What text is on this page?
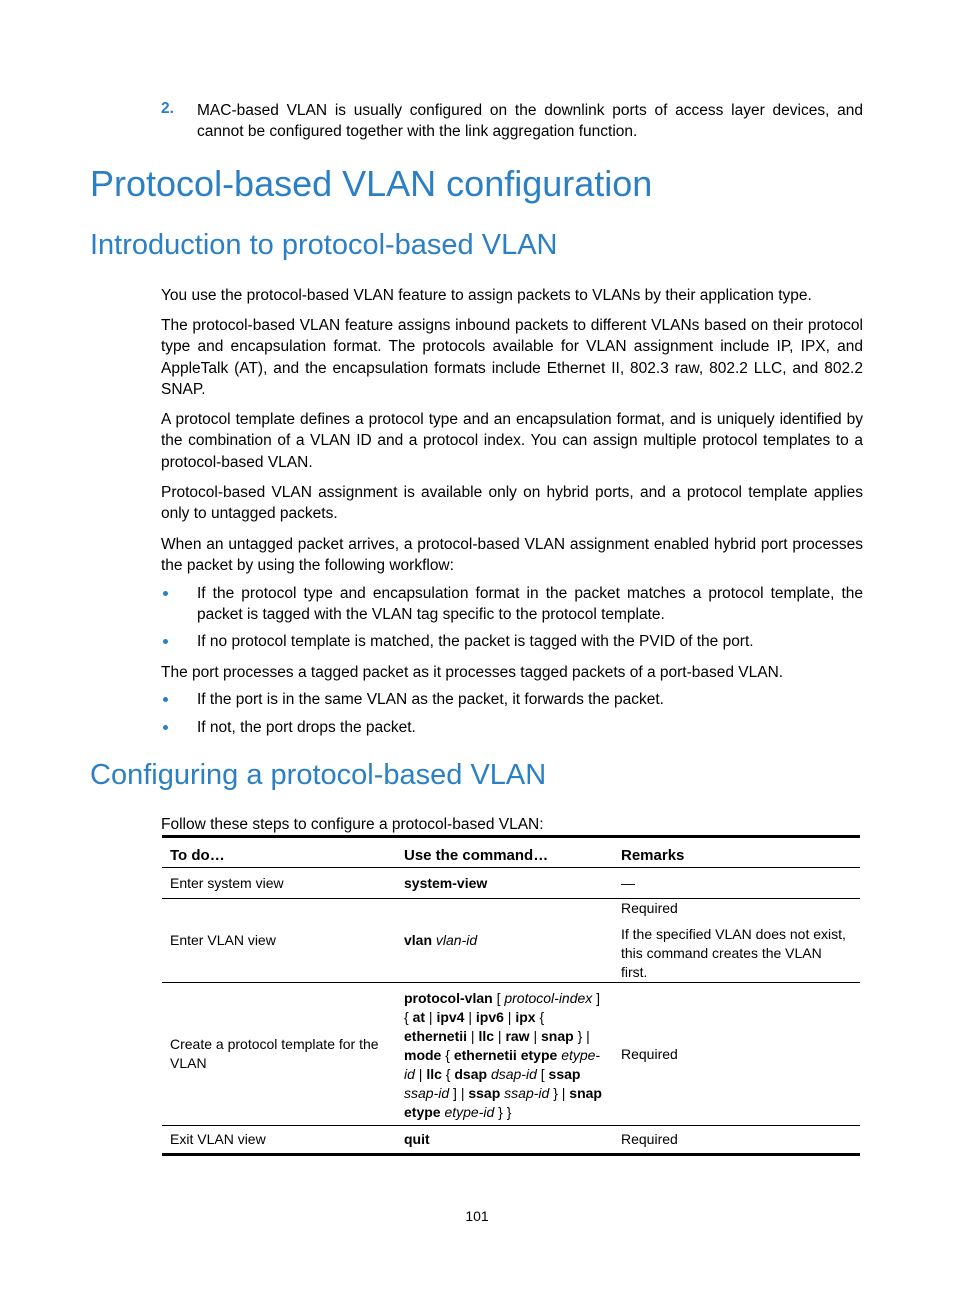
2. MAC-based VLAN is usually configured on the downlink ports of access layer devices, and cannot be configured together with the link aggregation function.

Protocol-based VLAN configuration
Introduction to protocol-based VLAN

You use the protocol-based VLAN feature to assign packets to VLANs by their application type.

The protocol-based VLAN feature assigns inbound packets to different VLANs based on their protocol type and encapsulation format. The protocols available for VLAN assignment include IP, IPX, and AppleTalk (AT), and the encapsulation formats include Ethernet II, 802.3 raw, 802.2 LLC, and 802.2 SNAP.

A protocol template defines a protocol type and an encapsulation format, and is uniquely identified by the combination of a VLAN ID and a protocol index. You can assign multiple protocol templates to a protocol-based VLAN.

Protocol-based VLAN assignment is available only on hybrid ports, and a protocol template applies only to untagged packets.

When an untagged packet arrives, a protocol-based VLAN assignment enabled hybrid port processes the packet by using the following workflow:

If the protocol type and encapsulation format in the packet matches a protocol template, the packet is tagged with the VLAN tag specific to the protocol template.

If no protocol template is matched, the packet is tagged with the PVID of the port.

The port processes a tagged packet as it processes tagged packets of a port-based VLAN.

If the port is in the same VLAN as the packet, it forwards the packet.

If not, the port drops the packet.

Configuring a protocol-based VLAN

Follow these steps to configure a protocol-based VLAN:

To do…	Use the command…	Remarks
Enter system view	system-view	—
Enter VLAN view	vlan vlan-id	Required
If the specified VLAN does not exist, this command creates the VLAN first.

Create a protocol template for the VLAN	protocol-vlan [ protocol-index ] { at | ipv4 | ipv6 | ipx { ethernetii | llc | raw | snap } | mode { ethernetii etype etype-id | llc { dsap dsap-id [ ssap ssap-id ] | ssap ssap-id } | snap etype etype-id } }	Required
Exit VLAN view	quit	Required
101
